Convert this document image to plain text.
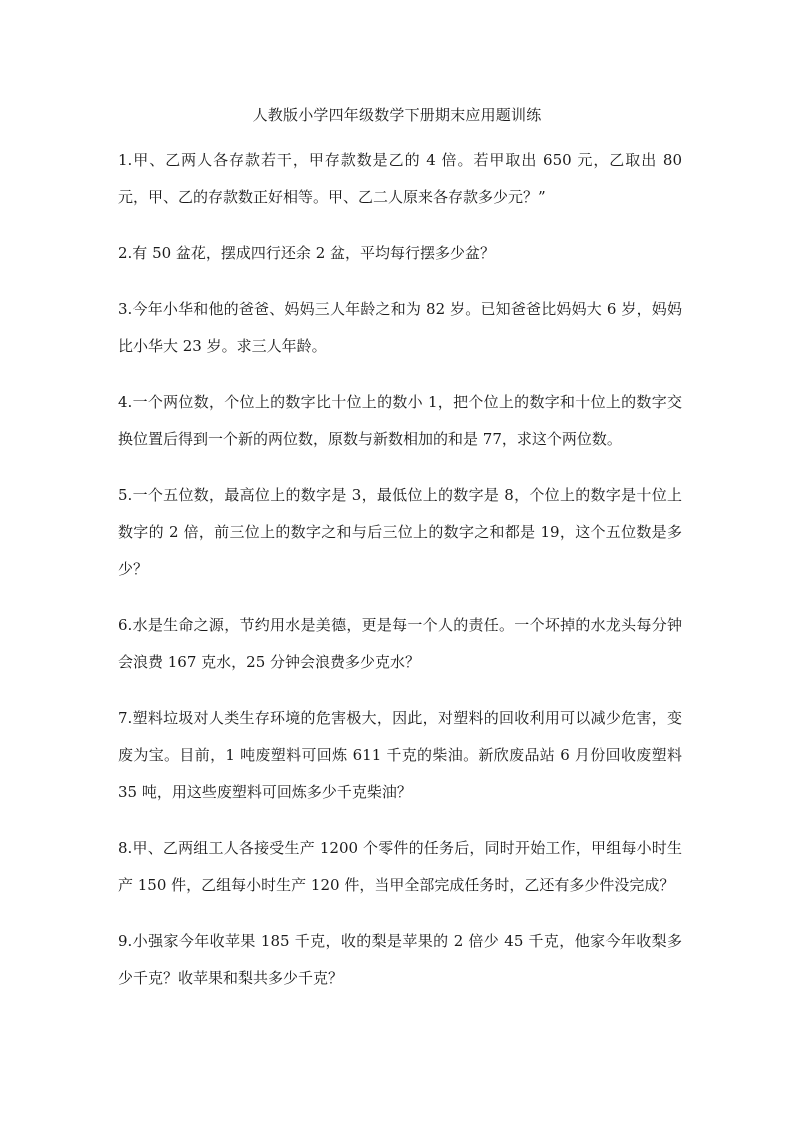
人教版小学四年级数学下册期末应用题训练

1.甲、乙两人各存款若干，甲存款数是乙的 4 倍。若甲取出 650 元，乙取出 80 元，甲、乙的存款数正好相等。甲、乙二人原来各存款多少元？”

2.有 50 盆花，摆成四行还余 2 盆，平均每行摆多少盆？

3.今年小华和他的爸爸、妈妈三人年龄之和为 82 岁。已知爸爸比妈妈大 6 岁，妈妈比小华大 23 岁。求三人年龄。

4.一个两位数，个位上的数字比十位上的数小 1，把个位上的数字和十位上的数字交换位置后得到一个新的两位数，原数与新数相加的和是 77，求这个两位数。

5.一个五位数，最高位上的数字是 3，最低位上的数字是 8，个位上的数字是十位上数字的 2 倍，前三位上的数字之和与后三位上的数字之和都是 19，这个五位数是多少？

6.水是生命之源，节约用水是美德，更是每一个人的责任。一个坏掉的水龙头每分钟会浪费 167 克水，25 分钟会浪费多少克水？

7.塑料垃圾对人类生存环境的危害极大，因此，对塑料的回收利用可以减少危害，变废为宝。目前，1 吨废塑料可回炼 611 千克的柴油。新欣废品站 6 月份回收废塑料 35 吨，用这些废塑料可回炼多少千克柴油？

8.甲、乙两组工人各接受生产 1200 个零件的任务后，同时开始工作，甲组每小时生产 150 件，乙组每小时生产 120 件，当甲全部完成任务时，乙还有多少件没完成？

9.小强家今年收苹果 185 千克，收的梨是苹果的 2 倍少 45 千克，他家今年收梨多少千克？收苹果和梨共多少千克？
